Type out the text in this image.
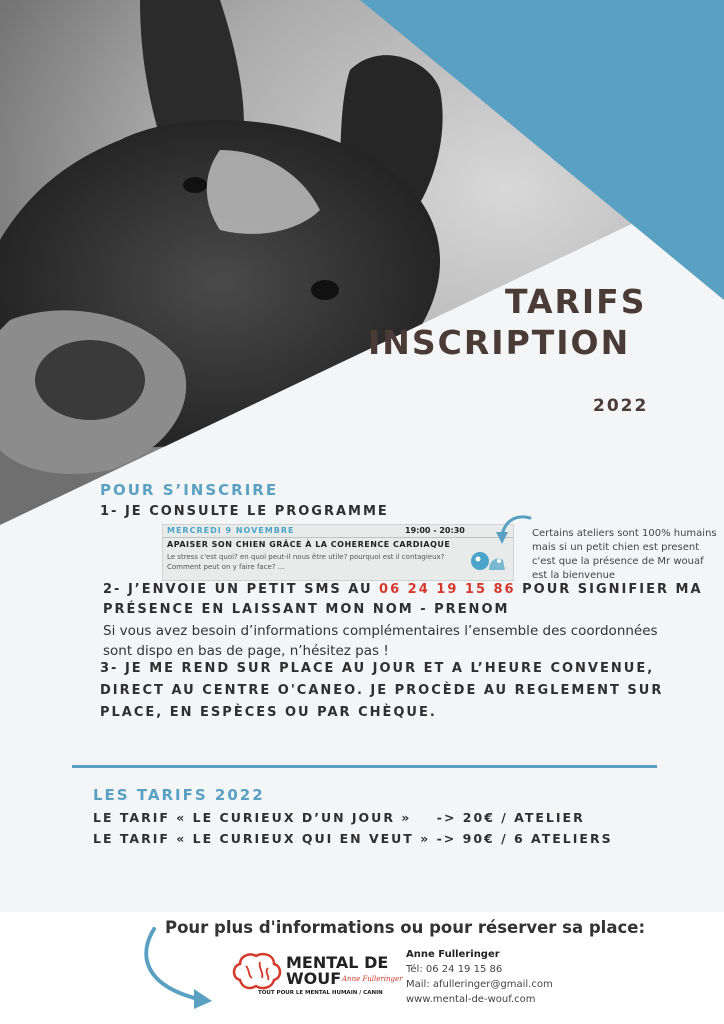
TARIFS
INSCRIPTION
2022
POUR S’INSCRIRE
1- JE CONSULTE LE PROGRAMME
MERCREDI 9 NOVEMBRE	19:00 - 20:30
APAISER SON CHIEN GRÂCE À LA COHERENCE CARDIAQUE
Le stress c'est quoi? en quoi peut-il nous être utile? pourquoi est il contagieux?
Comment peut on y faire face? ...
Certains ateliers sont 100% humains mais si un petit chien est present c'est que la présence de Mr wouaf est la bienvenue
2- J’ENVOIE UN PETIT SMS AU 06 24 19 15 86 POUR SIGNIFIER MA
PRÉSENCE EN LAISSANT MON NOM - PRENOM
Si vous avez besoin d’informations complémentaires l’ensemble des coordonnées sont dispo en bas de page, n’hésitez pas !
3- JE ME REND SUR PLACE AU JOUR ET A L’HEURE CONVENUE,
DIRECT AU CENTRE O'CANEO. JE PROCÈDE AU REGLEMENT SUR
PLACE, EN ESPÈCES OU PAR CHÈQUE.
LES TARIFS 2022
LE TARIF « LE CURIEUX D’UN JOUR »    -> 20€ / ATELIER
LE TARIF « LE CURIEUX QUI EN VEUT » -> 90€ / 6 ATELIERS
Pour plus d'informations ou pour réserver sa place:
MENTAL DE
WOUF Anne Fulleringer
TOUT POUR LE MENTAL HUMAIN / CANIN
Anne Fulleringer
Tél: 06 24 19 15 86
Mail: afulleringer@gmail.com
www.mental-de-wouf.com
